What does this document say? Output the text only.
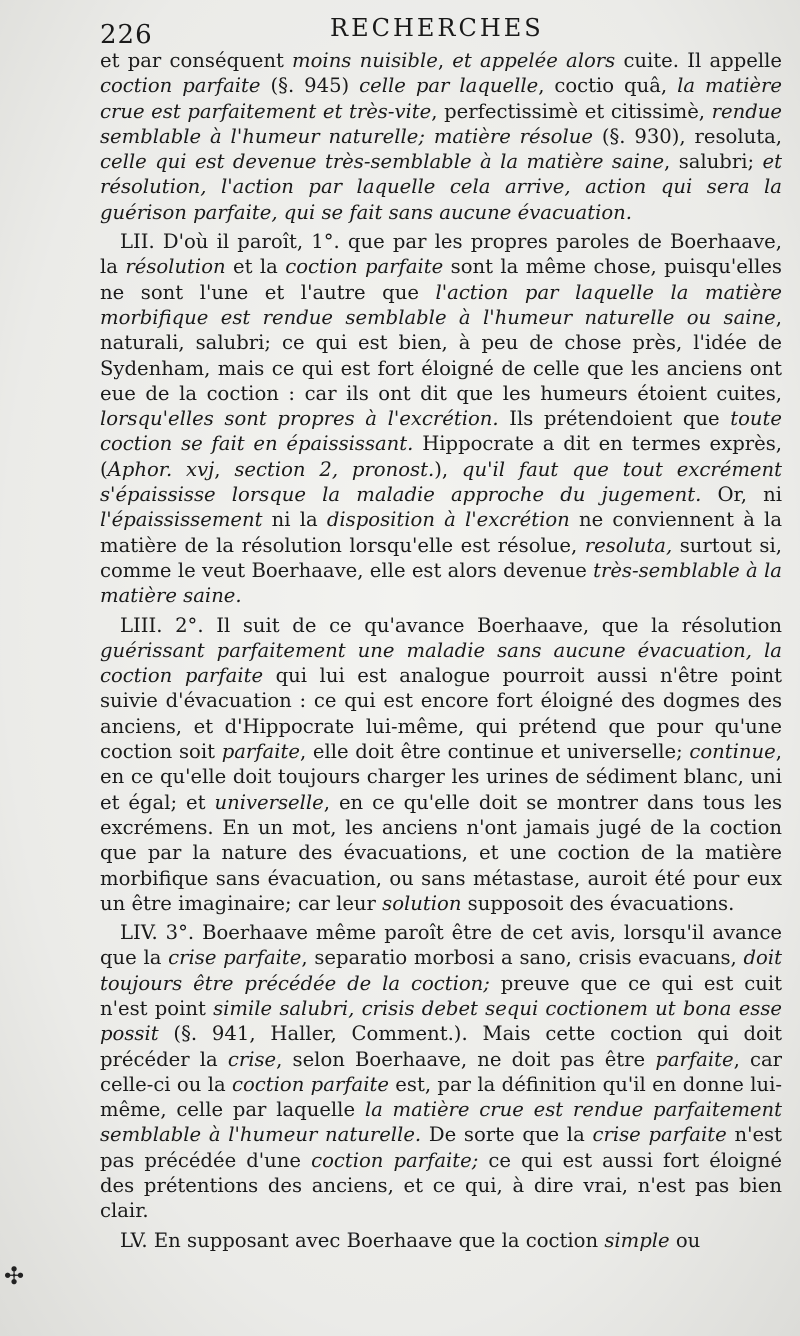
226	RECHERCHES

et par conséquent moins nuisible, et appelée alors cuite. Il appelle coction parfaite (§. 945) celle par laquelle, coctio quâ, la matière crue est parfaitement et très-vite, perfectissimè et citissimè, rendue semblable à l'humeur naturelle; matière résolue (§. 930), resoluta, celle qui est devenue très-semblable à la matière saine, salubri; et résolution, l'action par laquelle cela arrive, action qui sera la guérison parfaite, qui se fait sans aucune évacuation.

LII. D'où il paroît, 1°. que par les propres paroles de Boerhaave, la résolution et la coction parfaite sont la même chose, puisqu'elles ne sont l'une et l'autre que l'action par laquelle la matière morbifique est rendue semblable à l'humeur naturelle ou saine, naturali, salubri; ce qui est bien, à peu de chose près, l'idée de Sydenham, mais ce qui est fort éloigné de celle que les anciens ont eue de la coction : car ils ont dit que les humeurs étoient cuites, lorsqu'elles sont propres à l'excrétion. Ils prétendoient que toute coction se fait en épaississant. Hippocrate a dit en termes exprès, (Aphor. xvj, section 2, pronost.), qu'il faut que tout excrément s'épaississe lorsque la maladie approche du jugement. Or, ni l'épaississement ni la disposition à l'excrétion ne conviennent à la matière de la résolution lorsqu'elle est résolue, resoluta, surtout si, comme le veut Boerhaave, elle est alors devenue très-semblable à la matière saine.

LIII. 2°. Il suit de ce qu'avance Boerhaave, que la résolution guérissant parfaitement une maladie sans aucune évacuation, la coction parfaite qui lui est analogue pourroit aussi n'être point suivie d'évacuation : ce qui est encore fort éloigné des dogmes des anciens, et d'Hippocrate lui-même, qui prétend que pour qu'une coction soit parfaite, elle doit être continue et universelle; continue, en ce qu'elle doit toujours charger les urines de sédiment blanc, uni et égal; et universelle, en ce qu'elle doit se montrer dans tous les excrémens. En un mot, les anciens n'ont jamais jugé de la coction que par la nature des évacuations, et une coction de la matière morbifique sans évacuation, ou sans métastase, auroit été pour eux un être imaginaire; car leur solution supposoit des évacuations.

LIV. 3°. Boerhaave même paroît être de cet avis, lorsqu'il avance que la crise parfaite, separatio morbosi a sano, crisis evacuans, doit toujours être précédée de la coction; preuve que ce qui est cuit n'est point simile salubri, crisis debet sequi coctionem ut bona esse possit (§. 941, Haller, Comment.). Mais cette coction qui doit précéder la crise, selon Boerhaave, ne doit pas être parfaite, car celle-ci ou la coction parfaite est, par la définition qu'il en donne lui-même, celle par laquelle la matière crue est rendue parfaitement semblable à l'humeur naturelle. De sorte que la crise parfaite n'est pas précédée d'une coction parfaite; ce qui est aussi fort éloigné des prétentions des anciens, et ce qui, à dire vrai, n'est pas bien clair.

LV. En supposant avec Boerhaave que la coction simple ou

✣
